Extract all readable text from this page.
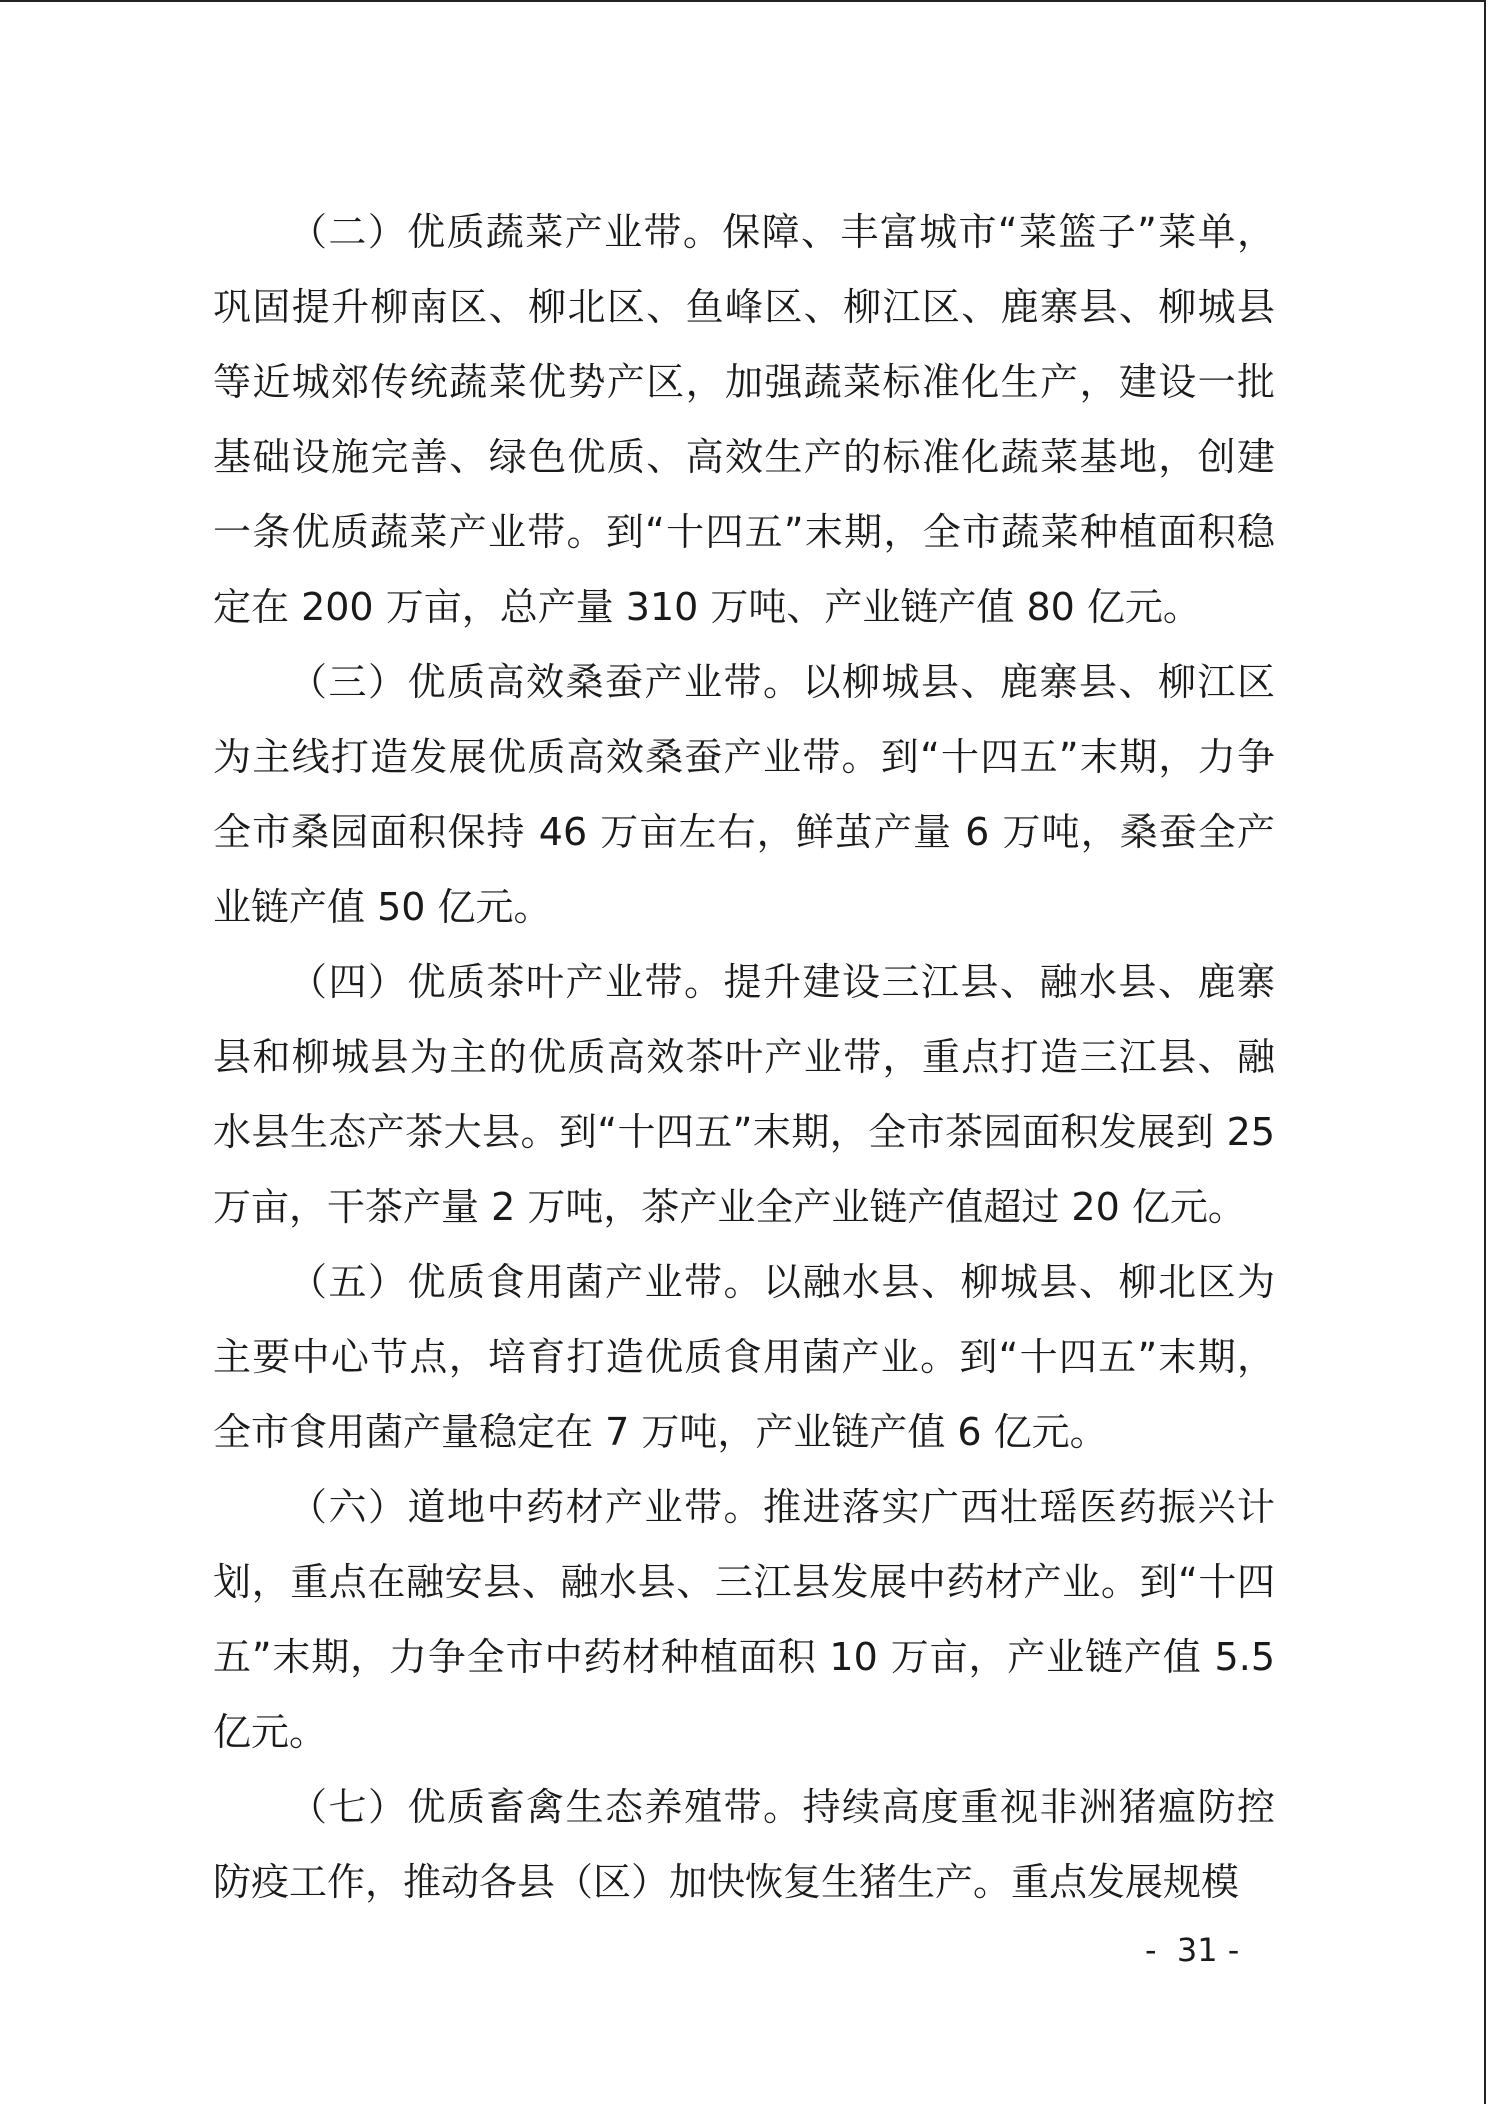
（二）优质蔬菜产业带。保障、丰富城市“菜篮子”菜单，巩固提升柳南区、柳北区、鱼峰区、柳江区、鹿寨县、柳城县等近城郊传统蔬菜优势产区，加强蔬菜标准化生产，建设一批基础设施完善、绿色优质、高效生产的标准化蔬菜基地，创建一条优质蔬菜产业带。到“十四五”末期，全市蔬菜种植面积稳定在 200 万亩，总产量 310 万吨、产业链产值 80 亿元。

（三）优质高效桑蚕产业带。以柳城县、鹿寨县、柳江区为主线打造发展优质高效桑蚕产业带。到“十四五”末期，力争全市桑园面积保持 46 万亩左右，鲜茧产量 6 万吨，桑蚕全产业链产值 50 亿元。

（四）优质茶叶产业带。提升建设三江县、融水县、鹿寨县和柳城县为主的优质高效茶叶产业带，重点打造三江县、融水县生态产茶大县。到“十四五”末期，全市茶园面积发展到 25 万亩，干茶产量 2 万吨，茶产业全产业链产值超过 20 亿元。

（五）优质食用菌产业带。以融水县、柳城县、柳北区为主要中心节点，培育打造优质食用菌产业。到“十四五”末期，全市食用菌产量稳定在 7 万吨，产业链产值 6 亿元。

（六）道地中药材产业带。推进落实广西壮瑶医药振兴计划，重点在融安县、融水县、三江县发展中药材产业。到“十四五”末期，力争全市中药材种植面积 10 万亩，产业链产值 5.5 亿元。

（七）优质畜禽生态养殖带。持续高度重视非洲猪瘟防控防疫工作，推动各县（区）加快恢复生猪生产。重点发展规模

-  31 -
